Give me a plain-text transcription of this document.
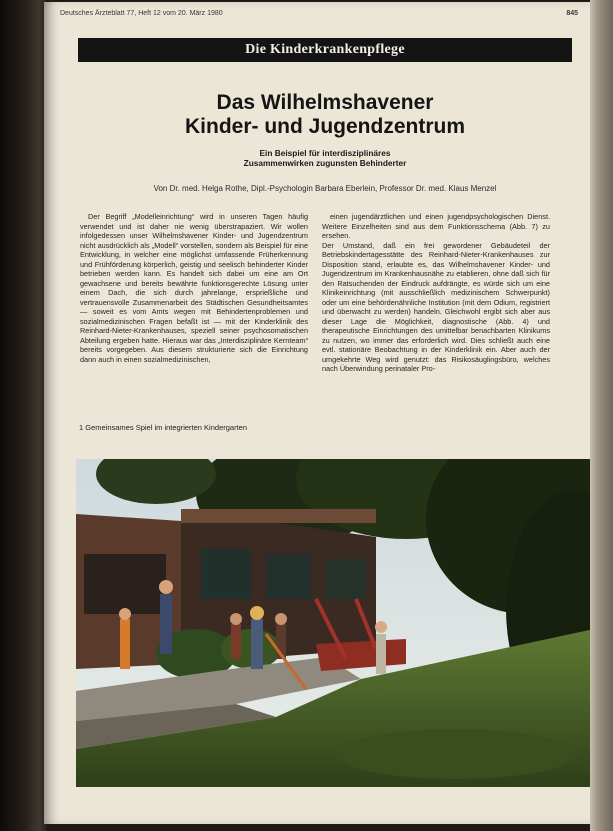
Deutsches Ärzteblatt 77, Heft 12 vom 20. März 1980	845
Die Kinderkrankenpflege
Das Wilhelmshavener
Kinder- und Jugendzentrum
Ein Beispiel für interdisziplinäres
Zusammenwirken zugunsten Behinderter
Von Dr. med. Helga Rothe, Dipl.-Psychologin Barbara Eberlein, Professor Dr. med. Klaus Menzel

Der Begriff „Modelleinrichtung“ wird in unseren Tagen häufig verwendet und ist daher nie wenig überstrapaziert. Wir wollen infolgedessen unser Wilhelmshavener Kinder- und Jugendzentrum nicht ausdrücklich als „Modell“ vorstellen, sondern als Beispiel für eine Entwicklung, in welcher eine möglichst umfassende Früherkennung und Frühförderung körperlich, geistig und seelisch behinderter Kinder betrieben werden kann. Es handelt sich dabei um eine am Ort gewachsene und bereits bewährte funktionsgerechte Lösung unter einem Dach, die sich durch jahrelange, ersprießliche und vertrauensvolle Zusammenarbeit des Städtischen Gesundheitsamtes — soweit es vom Amts wegen mit Behindertenproblemen und sozialmedizinischen Fragen befaßt ist — mit der Kinderklinik des Reinhard-Nieter-Krankenhauses, speziell seiner psychosomatischen Abteilung ergeben hatte. Hieraus war das „Interdisziplinäre Kernteam“ bereits vorgegeben. Aus diesem strukturierte sich die Einrichtung dann auch in einen sozialmedizinischen,

einen jugendärztlichen und einen jugendpsychologischen Dienst. Weitere Einzelheiten sind aus dem Funktionsschema (Abb. 7) zu ersehen.
Der Umstand, daß ein frei gewordener Gebäudeteil der Betriebskindertagesstätte des Reinhard-Nieter-Krankenhauses zur Disposition stand, erlaubte es, das Wilhelmshavener Kinder- und Jugendzentrum im Krankenhausnähe zu etablieren, ohne daß sich für den Ratsuchenden der Eindruck aufdrängte, es würde sich um eine Klinikeinrichtung (mit ausschließlich medizinischem Schwerpunkt) oder um eine behördenähnliche Institution (mit dem Odium, registriert und überwacht zu werden) handeln. Gleichwohl ergibt sich aber aus dieser Lage die Möglichkeit, diagnostische (Abb. 4) und therapeutische Einrichtungen des umittelbar benachbarten Klinikums zu nutzen, wo immer das erforderlich wird. Dies schließt auch eine evtl. stationäre Beobachtung in der Kinderklinik ein. Aber auch der umgekehrte Weg wird genutzt: das Risikosäuglingsbüro, welches nach Überwindung perinataler Pro-

1 Gemeinsames Spiel im integrierten Kindergarten
